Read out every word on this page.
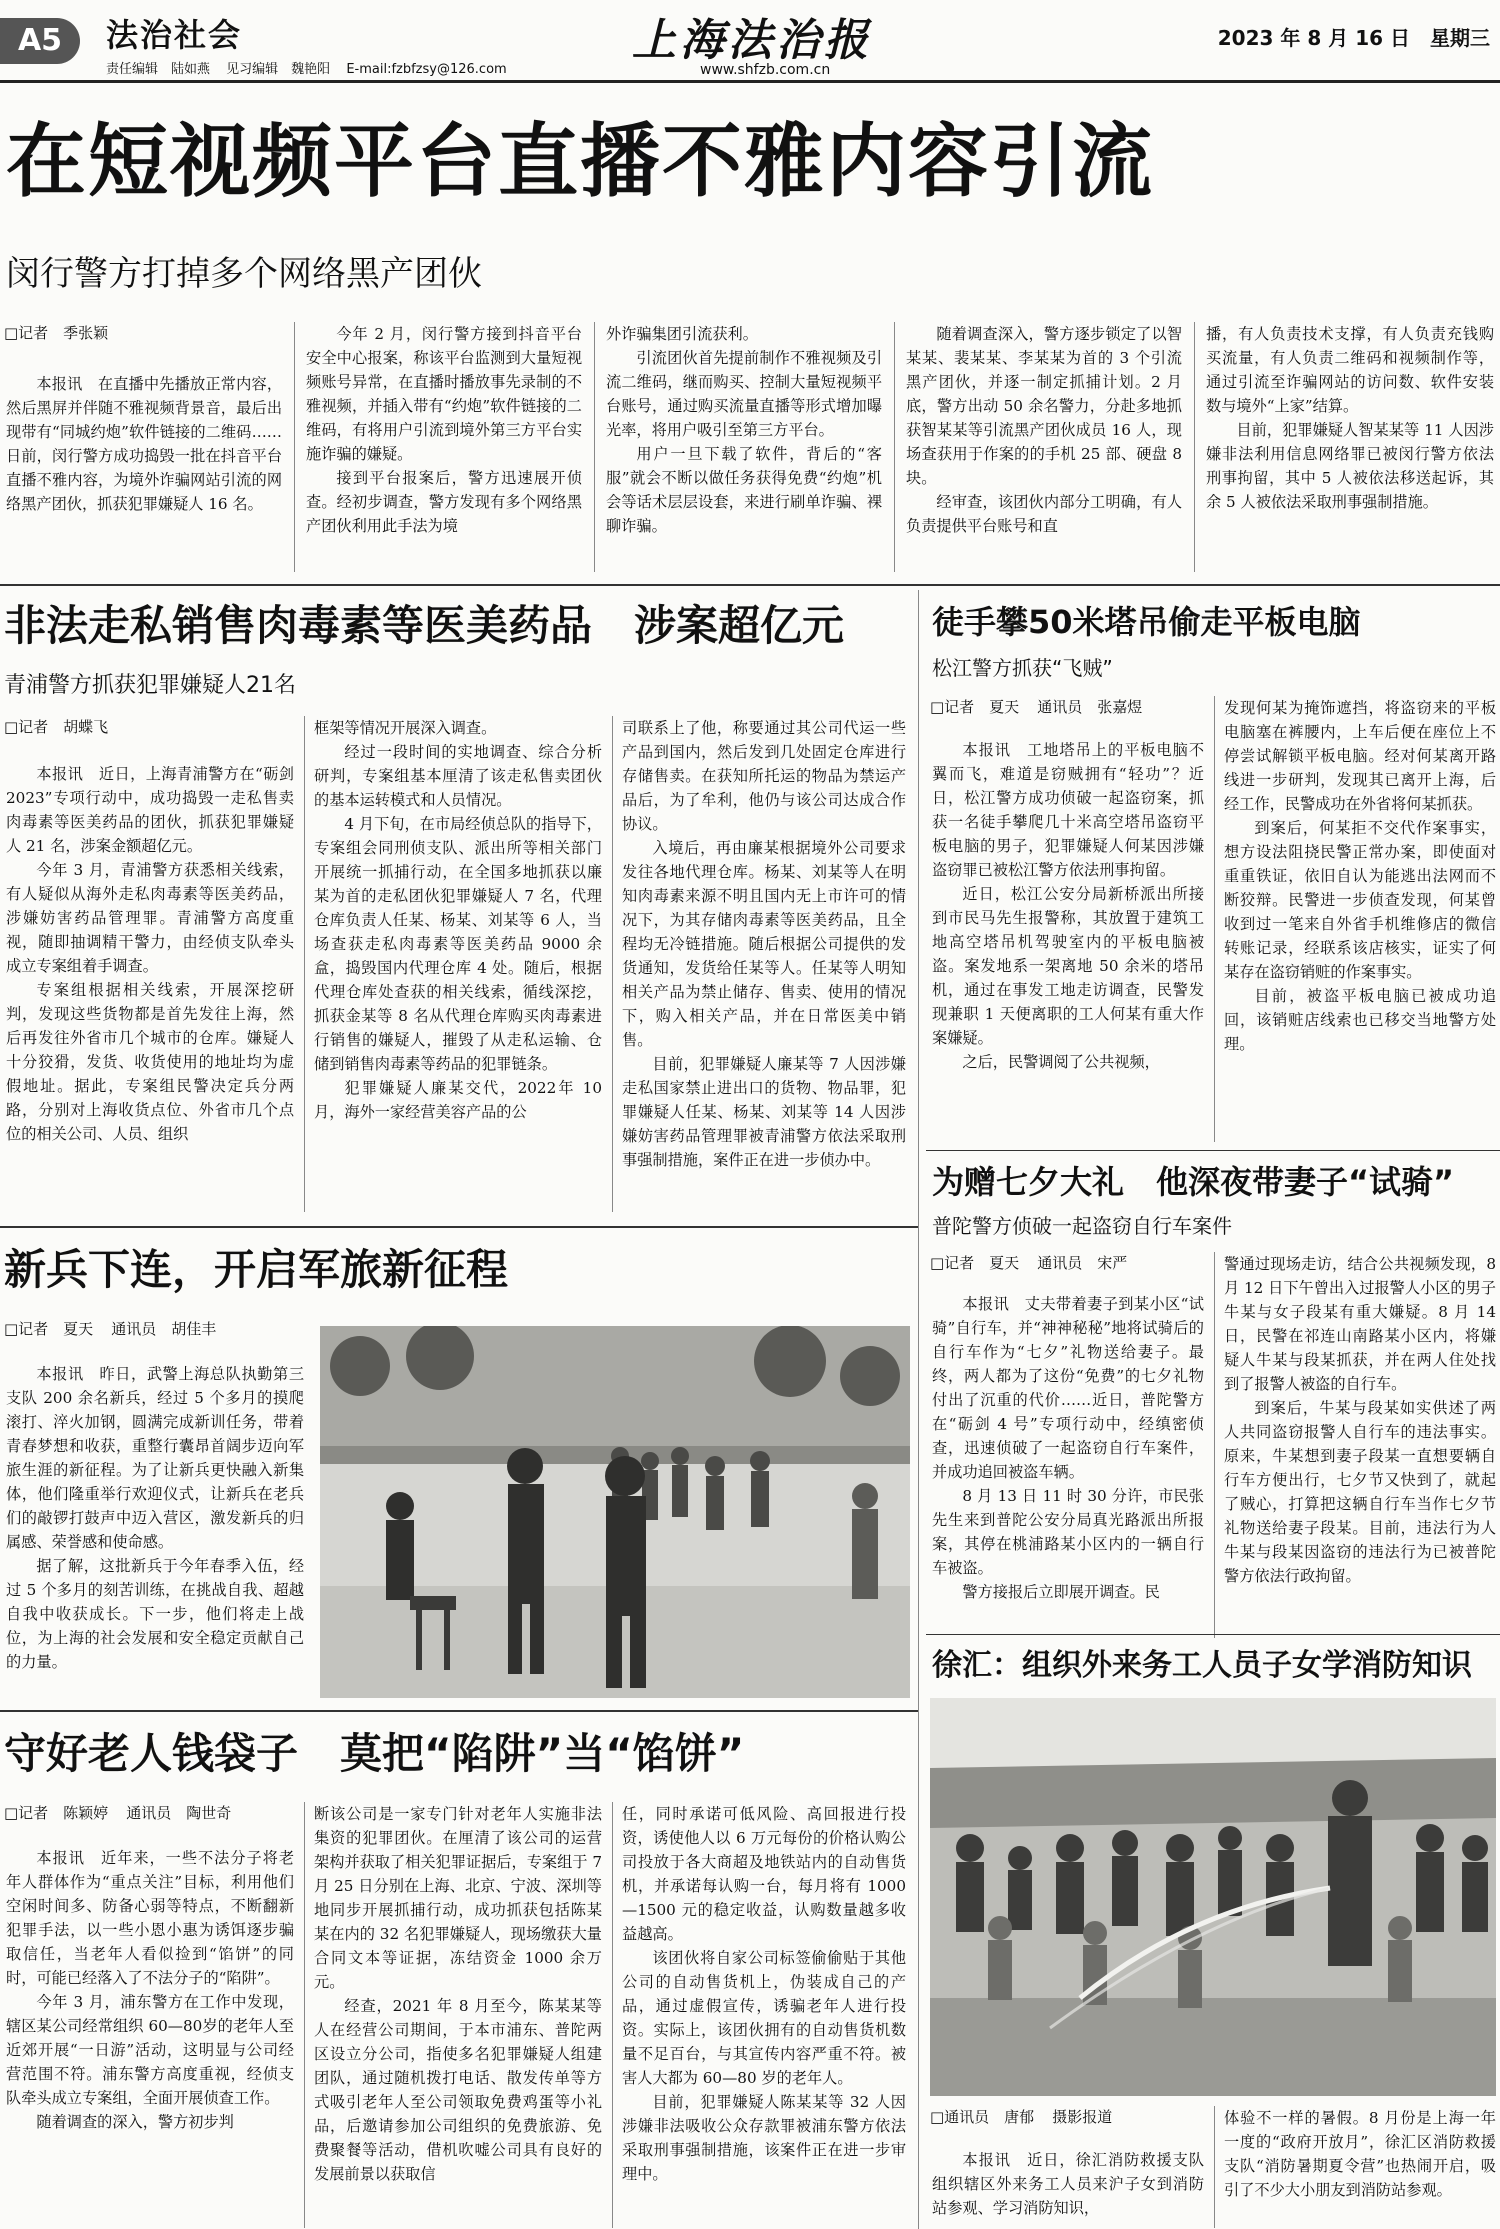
A5	法治社会
责任编辑　陆如燕 见习编辑　魏艳阳 E-mail:fzbfzsy@126.com
上海法治报
www.shfzb.com.cn
2023 年 8 月 16 日　星期三
在短视频平台直播不雅内容引流
闵行警方打掉多个网络黑产团伙
□记者　季张颖

本报讯　在直播中先播放正常内容，然后黑屏并伴随不雅视频背景音，最后出现带有“同城约炮”软件链接的二维码……日前，闵行警方成功捣毁一批在抖音平台直播不雅内容，为境外诈骗网站引流的网络黑产团伙，抓获犯罪嫌疑人 16 名。

今年 2 月，闵行警方接到抖音平台安全中心报案，称该平台监测到大量短视频账号异常，在直播时播放事先录制的不雅视频，并插入带有“约炮”软件链接的二维码，有将用户引流到境外第三方平台实施诈骗的嫌疑。

接到平台报案后，警方迅速展开侦查。经初步调查，警方发现有多个网络黑产团伙利用此手法为境

外诈骗集团引流获利。

引流团伙首先提前制作不雅视频及引流二维码，继而购买、控制大量短视频平台账号，通过购买流量直播等形式增加曝光率，将用户吸引至第三方平台。

用户一旦下载了软件，背后的“客服”就会不断以做任务获得免费“约炮”机会等话术层层设套，来进行刷单诈骗、裸聊诈骗。

随着调查深入，警方逐步锁定了以智某某、裴某某、李某某为首的 3 个引流黑产团伙，并逐一制定抓捕计划。2 月底，警方出动 50 余名警力，分赴多地抓获智某某等引流黑产团伙成员 16 人，现场查获用于作案的的手机 25 部、硬盘 8 块。

经审查，该团伙内部分工明确，有人负责提供平台账号和直

播，有人负责技术支撑，有人负责充钱购买流量，有人负责二维码和视频制作等，通过引流至诈骗网站的访问数、软件安装数与境外“上家”结算。

目前，犯罪嫌疑人智某某等 11 人因涉嫌非法利用信息网络罪已被闵行警方依法刑事拘留，其中 5 人被依法移送起诉，其余 5 人被依法采取刑事强制措施。

非法走私销售肉毒素等医美药品　涉案超亿元
青浦警方抓获犯罪嫌疑人21名
□记者　胡蝶飞

本报讯　近日，上海青浦警方在“砺剑 2023”专项行动中，成功捣毁一走私售卖肉毒素等医美药品的团伙，抓获犯罪嫌疑人 21 名，涉案金额超亿元。

今年 3 月，青浦警方获悉相关线索，有人疑似从海外走私肉毒素等医美药品，涉嫌妨害药品管理罪。青浦警方高度重视，随即抽调精干警力，由经侦支队牵头成立专案组着手调查。

专案组根据相关线索，开展深挖研判，发现这些货物都是首先发往上海，然后再发往外省市几个城市的仓库。嫌疑人十分狡猾，发货、收货使用的地址均为虚假地址。据此，专案组民警决定兵分两路，分别对上海收货点位、外省市几个点位的相关公司、人员、组织

框架等情况开展深入调查。

经过一段时间的实地调查、综合分析研判，专案组基本厘清了该走私售卖团伙的基本运转模式和人员情况。

4 月下旬，在市局经侦总队的指导下，专案组会同刑侦支队、派出所等相关部门开展统一抓捕行动，在全国多地抓获以廉某为首的走私团伙犯罪嫌疑人 7 名，代理仓库负责人任某、杨某、刘某等 6 人，当场查获走私肉毒素等医美药品 9000 余盒，捣毁国内代理仓库 4 处。随后，根据代理仓库处查获的相关线索，循线深挖，抓获金某等 8 名从代理仓库购买肉毒素进行销售的嫌疑人，摧毁了从走私运输、仓储到销售肉毒素等药品的犯罪链条。

犯罪嫌疑人廉某交代，2022年 10 月，海外一家经营美容产品的公

司联系上了他，称要通过其公司代运一些产品到国内，然后发到几处固定仓库进行存储售卖。在获知所托运的物品为禁运产品后，为了牟利，他仍与该公司达成合作协议。

入境后，再由廉某根据境外公司要求发往各地代理仓库。杨某、刘某等人在明知肉毒素来源不明且国内无上市许可的情况下，为其存储肉毒素等医美药品，且全程均无冷链措施。随后根据公司提供的发货通知，发货给任某等人。任某等人明知相关产品为禁止储存、售卖、使用的情况下，购入相关产品，并在日常医美中销售。

目前，犯罪嫌疑人廉某等 7 人因涉嫌走私国家禁止进出口的货物、物品罪，犯罪嫌疑人任某、杨某、刘某等 14 人因涉嫌妨害药品管理罪被青浦警方依法采取刑事强制措施，案件正在进一步侦办中。

徒手攀50米塔吊偷走平板电脑
松江警方抓获“飞贼”
□记者　夏天 通讯员　张嘉煜

本报讯　工地塔吊上的平板电脑不翼而飞，难道是窃贼拥有“轻功”？近日，松江警方成功侦破一起盗窃案，抓获一名徒手攀爬几十米高空塔吊盗窃平板电脑的男子，犯罪嫌疑人何某因涉嫌盗窃罪已被松江警方依法刑事拘留。

近日，松江公安分局新桥派出所接到市民马先生报警称，其放置于建筑工地高空塔吊机驾驶室内的平板电脑被盗。案发地系一架离地 50 余米的塔吊机，通过在事发工地走访调查，民警发现兼职 1 天便离职的工人何某有重大作案嫌疑。

之后，民警调阅了公共视频，

发现何某为掩饰遮挡，将盗窃来的平板电脑塞在裤腰内，上车后便在座位上不停尝试解锁平板电脑。经对何某离开路线进一步研判，发现其已离开上海，后经工作，民警成功在外省将何某抓获。

到案后，何某拒不交代作案事实，想方设法阻挠民警正常办案，即使面对重重铁证，依旧自认为能逃出法网而不断狡辩。民警进一步侦查发现，何某曾收到过一笔来自外省手机维修店的微信转账记录，经联系该店核实，证实了何某存在盗窃销赃的作案事实。

目前，被盗平板电脑已被成功追回，该销赃店线索也已移交当地警方处理。

为赠七夕大礼　他深夜带妻子“试骑”
普陀警方侦破一起盗窃自行车案件
□记者　夏天 通讯员　宋严

本报讯　丈夫带着妻子到某小区“试骑”自行车，并“神神秘秘”地将试骑后的自行车作为“七夕”礼物送给妻子。最终，两人都为了这份“免费”的七夕礼物付出了沉重的代价……近日，普陀警方在“砺剑 4 号”专项行动中，经缜密侦查，迅速侦破了一起盗窃自行车案件，并成功追回被盗车辆。

8 月 13 日 11 时 30 分许，市民张先生来到普陀公安分局真光路派出所报案，其停在桃浦路某小区内的一辆自行车被盗。

警方接报后立即展开调查。民

警通过现场走访，结合公共视频发现，8 月 12 日下午曾出入过报警人小区的男子牛某与女子段某有重大嫌疑。8 月 14 日，民警在祁连山南路某小区内，将嫌疑人牛某与段某抓获，并在两人住处找到了报警人被盗的自行车。

到案后，牛某与段某如实供述了两人共同盗窃报警人自行车的违法事实。原来，牛某想到妻子段某一直想要辆自行车方便出行，七夕节又快到了，就起了贼心，打算把这辆自行车当作七夕节礼物送给妻子段某。目前，违法行为人牛某与段某因盗窃的违法行为已被普陀警方依法行政拘留。

徐汇：组织外来务工人员子女学消防知识
□通讯员　唐郁 摄影报道

本报讯　近日，徐汇消防救援支队组织辖区外来务工人员来沪子女到消防站参观、学习消防知识，

体验不一样的暑假。8 月份是上海一年一度的“政府开放月”，徐汇区消防救援支队“消防暑期夏令营”也热闹开启，吸引了不少大小朋友到消防站参观。

新兵下连，开启军旅新征程
□记者　夏天 通讯员　胡佳丰

本报讯　昨日，武警上海总队执勤第三支队 200 余名新兵，经过 5 个多月的摸爬滚打、淬火加钢，圆满完成新训任务，带着青春梦想和收获，重整行囊昂首阔步迈向军旅生涯的新征程。为了让新兵更快融入新集体，他们隆重举行欢迎仪式，让新兵在老兵们的敲锣打鼓声中迈入营区，激发新兵的归属感、荣誉感和使命感。

据了解，这批新兵于今年春季入伍，经过 5 个多月的刻苦训练，在挑战自我、超越自我中收获成长。下一步，他们将走上战位，为上海的社会发展和安全稳定贡献自己的力量。

守好老人钱袋子　莫把“陷阱”当“馅饼”
□记者　陈颖婷 通讯员　陶世奇

本报讯　近年来，一些不法分子将老年人群体作为“重点关注”目标，利用他们空闲时间多、防备心弱等特点，不断翻新犯罪手法，以一些小恩小惠为诱饵逐步骗取信任，当老年人看似捡到“馅饼”的同时，可能已经落入了不法分子的“陷阱”。

今年 3 月，浦东警方在工作中发现，辖区某公司经常组织 60—80岁的老年人至近郊开展“一日游”活动，这明显与公司经营范围不符。浦东警方高度重视，经侦支队牵头成立专案组，全面开展侦查工作。

随着调查的深入，警方初步判

断该公司是一家专门针对老年人实施非法集资的犯罪团伙。在厘清了该公司的运营架构并获取了相关犯罪证据后，专案组于 7 月 25 日分别在上海、北京、宁波、深圳等地同步开展抓捕行动，成功抓获包括陈某某在内的 32 名犯罪嫌疑人，现场缴获大量合同文本等证据，冻结资金 1000 余万元。

经查，2021 年 8 月至今，陈某某等人在经营公司期间，于本市浦东、普陀两区设立分公司，指使多名犯罪嫌疑人组建团队，通过随机拨打电话、散发传单等方式吸引老年人至公司领取免费鸡蛋等小礼品，后邀请参加公司组织的免费旅游、免费聚餐等活动，借机吹嘘公司具有良好的发展前景以获取信

任，同时承诺可低风险、高回报进行投资，诱使他人以 6 万元每份的价格认购公司投放于各大商超及地铁站内的自动售货机，并承诺每认购一台，每月将有 1000—1500 元的稳定收益，认购数量越多收益越高。

该团伙将自家公司标签偷偷贴于其他公司的自动售货机上，伪装成自己的产品，通过虚假宣传，诱骗老年人进行投资。实际上，该团伙拥有的自动售货机数量不足百台，与其宣传内容严重不符。被害人大都为 60—80 岁的老年人。

目前，犯罪嫌疑人陈某某等 32 人因涉嫌非法吸收公众存款罪被浦东警方依法采取刑事强制措施，该案件正在进一步审理中。
